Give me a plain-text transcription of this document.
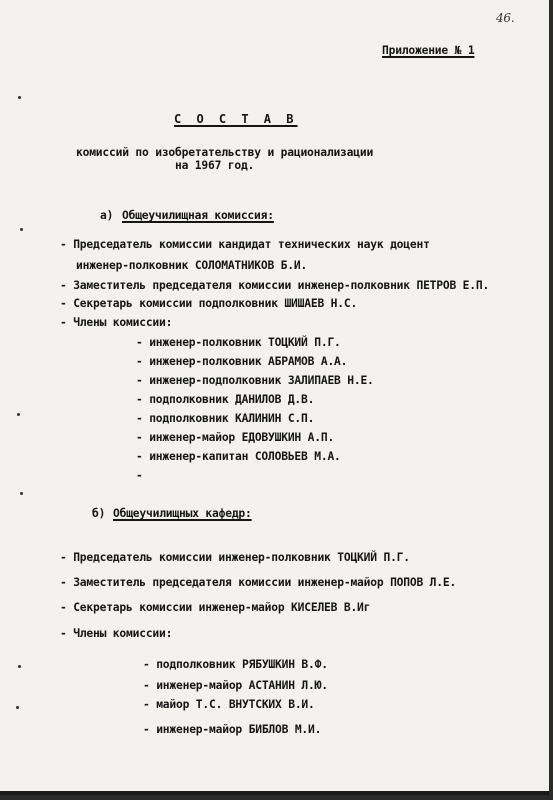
46.
Приложение № 1
С О С Т А В
комиссий по изобретательству и рационализации
на 1967 год.
а) Общеучилищная комиссия:
- Председатель комиссии кандидат технических наук доцент
инженер-полковник СОЛОМАТНИКОВ Б.И.
- Заместитель председателя комиссии инженер-полковник ПЕТРОВ Е.П.
- Секретарь комиссии подполковник ШИШАЕВ Н.С.
- Члены комиссии:
- инженер-полковник ТОЦКИЙ П.Г.
- инженер-полковник АБРАМОВ А.А.
- инженер-подполковник ЗАЛИПАЕВ Н.Е.
- подполковник ДАНИЛОВ Д.В.
- подполковник КАЛИНИН С.П.
- инженер-майор ЕДОВУШКИН А.П.
- инженер-капитан СОЛОВЬЕВ М.А.
-
б) Общеучилищных кафедр:
- Председатель комиссии инженер-полковник ТОЦКИЙ П.Г.
- Заместитель председателя комиссии инженер-майор ПОПОВ Л.Е.
- Секретарь комиссии инженер-майор КИСЕЛЕВ В.Иг
- Члены комиссии:
- подполковник РЯБУШКИН В.Ф.
- инженер-майор АСТАНИН Л.Ю.
- майор Т.С. ВНУТСКИХ В.И.
- инженер-майор БИБЛОВ М.И.
